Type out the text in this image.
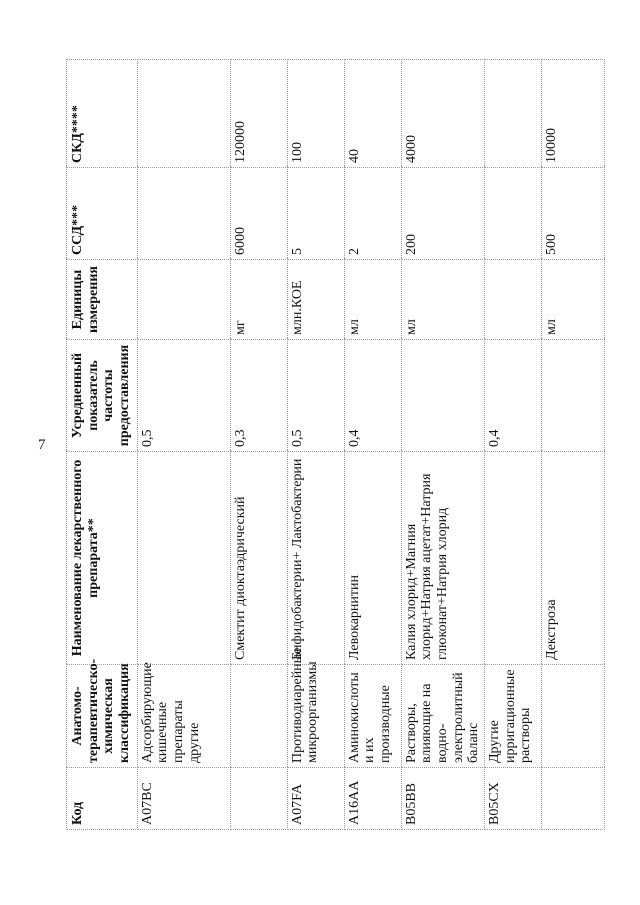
7
Код	Анатомо-терапевтическо-химическая классификация	Наименование лекарственного препарата**	Усредненный показатель частоты предоставления	Единицы измерения	ССД***	СКД****
A07BC	Адсорбирующие кишечные препараты другие		0,5			
		Смектит диоктаэдрический	0,3	мг	6000	120000
A07FA	Противодиарейные микроорганизмы	Бифидобактерии+ Лактобактерии	0,5	млн.КОЕ	5	100
A16AA	Аминокислоты и их производные	Левокарнитин	0,4	мл	2	40
B05BB	Растворы, влияющие на водно-электролитный баланс	Калия хлорид+Магния хлорид+Натрия ацетат+Натрия глюконат+Натрия хлорид		мл	200	4000
B05CX	Другие ирригационные растворы		0,4			
		Декстроза		мл	500	10000
